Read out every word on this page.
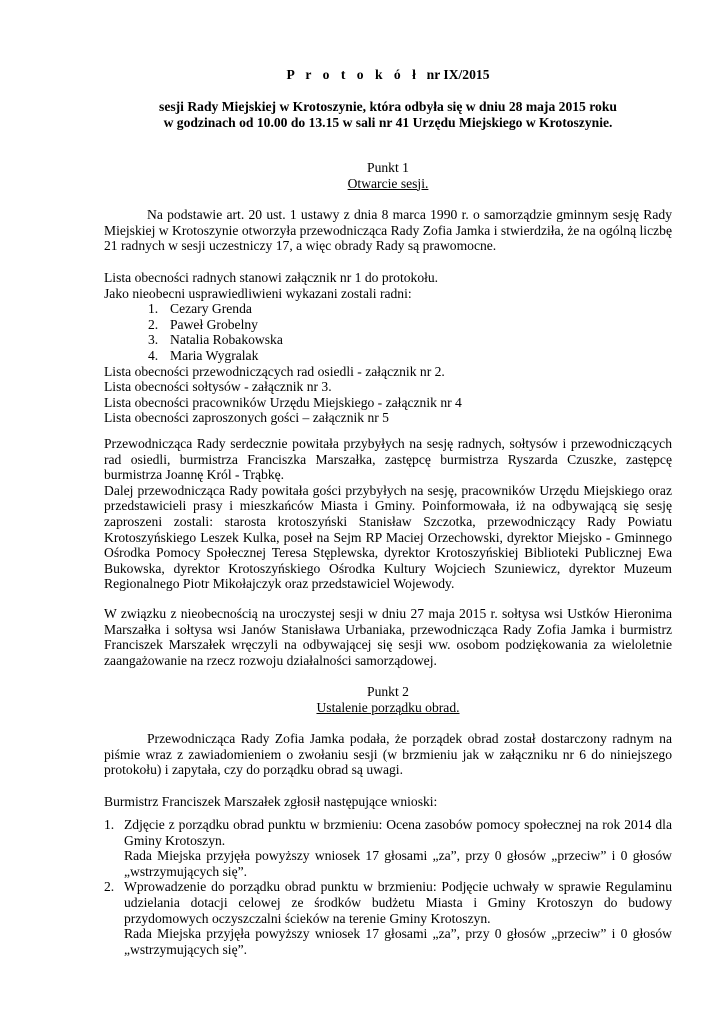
P r o t o k ó ł nr IX/2015

sesji Rady Miejskiej w Krotoszynie, która odbyła się w dniu 28 maja 2015 roku

w godzinach od 10.00 do 13.15 w sali nr 41 Urzędu Miejskiego w Krotoszynie.

Punkt 1

Otwarcie sesji.

Na podstawie art. 20 ust. 1 ustawy z dnia 8 marca 1990 r. o samorządzie gminnym sesję Rady Miejskiej w Krotoszynie otworzyła przewodnicząca Rady Zofia Jamka i stwierdziła, że na ogólną liczbę 21 radnych w sesji uczestniczy 17, a więc obrady Rady są prawomocne.

Lista obecności radnych stanowi załącznik nr 1 do protokołu.

Jako nieobecni usprawiedliwieni wykazani zostali radni:

1. Cezary Grenda
2. Paweł Grobelny
3. Natalia Robakowska
4. Maria Wygralak

Lista obecności przewodniczących rad osiedli - załącznik nr 2.

Lista obecności sołtysów - załącznik nr 3.

Lista obecności pracowników Urzędu Miejskiego - załącznik nr 4

Lista obecności zaproszonych gości – załącznik nr 5

Przewodnicząca Rady serdecznie powitała przybyłych na sesję radnych, sołtysów i przewodniczących rad osiedli, burmistrza Franciszka Marszałka, zastępcę burmistrza Ryszarda Czuszke, zastępcę burmistrza Joannę Król - Trąbkę.

Dalej przewodnicząca Rady powitała gości przybyłych na sesję, pracowników Urzędu Miejskiego oraz przedstawicieli prasy i mieszkańców Miasta i Gminy. Poinformowała, iż na odbywającą się sesję zaproszeni zostali: starosta krotoszyński Stanisław Szczotka, przewodniczący Rady Powiatu Krotoszyńskiego Leszek Kulka, poseł na Sejm RP Maciej Orzechowski, dyrektor Miejsko - Gminnego Ośrodka Pomocy Społecznej Teresa Stęplewska, dyrektor Krotoszyńskiej Biblioteki Publicznej Ewa Bukowska, dyrektor Krotoszyńskiego Ośrodka Kultury Wojciech Szuniewicz, dyrektor Muzeum Regionalnego Piotr Mikołajczyk oraz przedstawiciel Wojewody.

W związku z nieobecnością na uroczystej sesji w dniu 27 maja 2015 r. sołtysa wsi Ustków Hieronima Marszałka i sołtysa wsi Janów Stanisława Urbaniaka, przewodnicząca Rady Zofia Jamka i burmistrz Franciszek Marszałek wręczyli na odbywającej się sesji ww. osobom podziękowania za wieloletnie zaangażowanie na rzecz rozwoju działalności samorządowej.

Punkt 2

Ustalenie porządku obrad.

Przewodnicząca Rady Zofia Jamka podała, że porządek obrad został dostarczony radnym na piśmie wraz z zawiadomieniem o zwołaniu sesji (w brzmieniu jak w załączniku nr 6 do niniejszego protokołu) i zapytała, czy do porządku obrad są uwagi.

Burmistrz Franciszek Marszałek zgłosił następujące wnioski:

1. Zdjęcie z porządku obrad punktu w brzmieniu: Ocena zasobów pomocy społecznej na rok 2014 dla Gminy Krotoszyn.

Rada Miejska przyjęła powyższy wniosek 17 głosami „za”, przy 0 głosów „przeciw” i 0 głosów „wstrzymujących się”.

2. Wprowadzenie do porządku obrad punktu w brzmieniu: Podjęcie uchwały w sprawie Regulaminu udzielania dotacji celowej ze środków budżetu Miasta i Gminy Krotoszyn do budowy przydomowych oczyszczalni ścieków na terenie Gminy Krotoszyn.

Rada Miejska przyjęła powyższy wniosek 17 głosami „za”, przy 0 głosów „przeciw” i 0 głosów „wstrzymujących się”.
